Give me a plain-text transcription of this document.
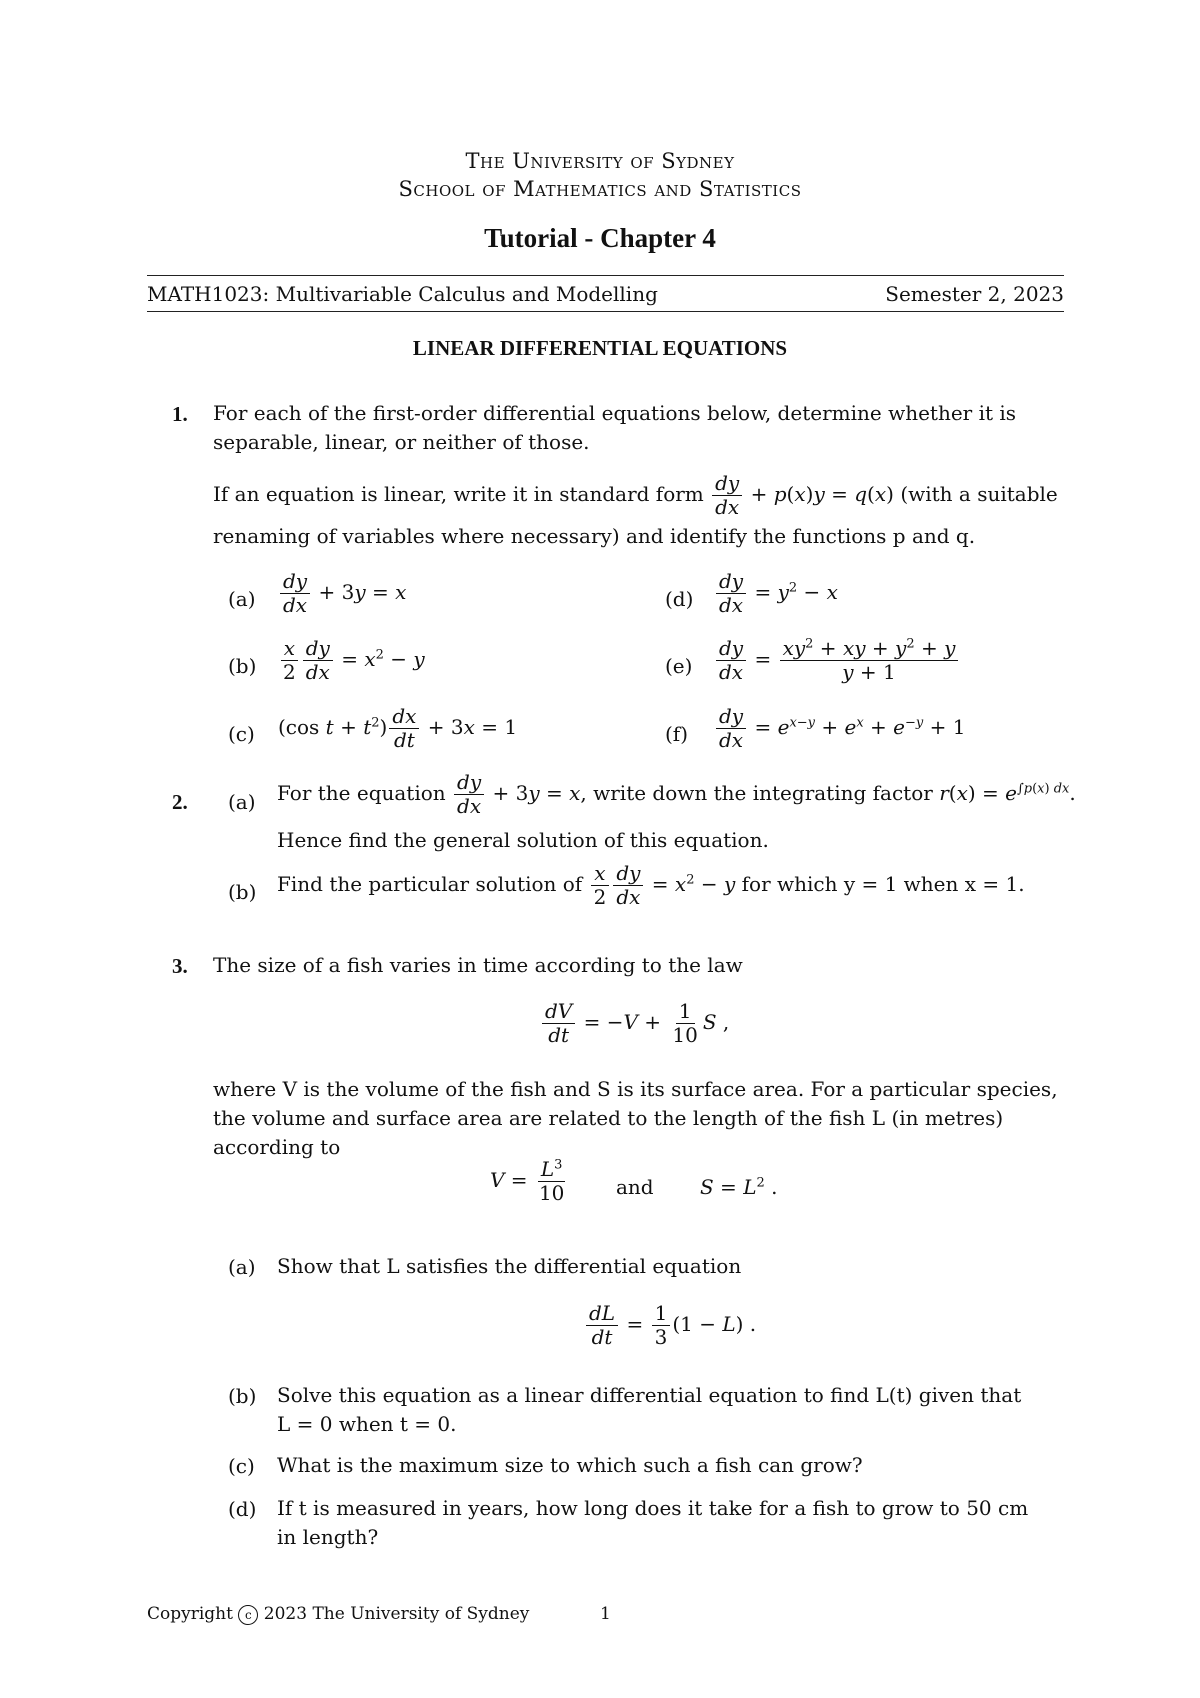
The University of Sydney
School of Mathematics and Statistics
Tutorial - Chapter 4
MATH1023: Multivariable Calculus and Modelling	Semester 2, 2023
LINEAR DIFFERENTIAL EQUATIONS
1. For each of the first-order differential equations below, determine whether it is
separable, linear, or neither of those.
If an equation is linear, write it in standard form $\frac{dy}{dx} + p(x)y = q(x)$ (with a suitable
renaming of variables where necessary) and identify the functions p and q.
$(a) \frac{dy}{dx} + 3y = x$
$(b) \frac{x}{2} \frac{dy}{dx} = x^2 - y$
(c) (cos $t + t^2) \frac{dx}{dt} + 3x = 1$
$(d) \frac{dy}{dx} = y^2 - x$
$(e) \frac{dy}{dx} = \frac{xy^2 + xy + y^2 + y}{y + 1}$
$(f) \frac{dy}{dx} = e^{x-y} + e^x + e^{-y} + 1$
2. (a) For the equation $\frac{dy}{dx} + 3y = x$, write down the integrating factor $r(x) = e^{\int p(x) dx}$.
Hence find the general solution of this equation.
(b) Find the particular solution of $\frac{x}{2} \frac{dy}{dx} = x^2 - y$ for which y = 1 when x = 1.
3. The size of a fish varies in time according to the law
$\frac{dV}{dt} = -V + \frac{1}{10}$ S ,
where V is the volume of the fish and S is its surface area. For a particular species,
the volume and surface area are related to the length of the fish L (in metres)
according to
$V = \frac{L^3}{10}$ and $S = L^2$ .
(a) Show that L satisfies the differential equation
$\frac{dL}{dt} = \frac{1}{3} (1 - L)$ .
(b) Solve this equation as a linear differential equation to find L(t) given that
L = 0 when t = 0.
(c) What is the maximum size to which such a fish can grow?
(d) If t is measured in years, how long does it take for a fish to grow to 50 cm
in length?
Copyright c 2023 The University of Sydney	1
